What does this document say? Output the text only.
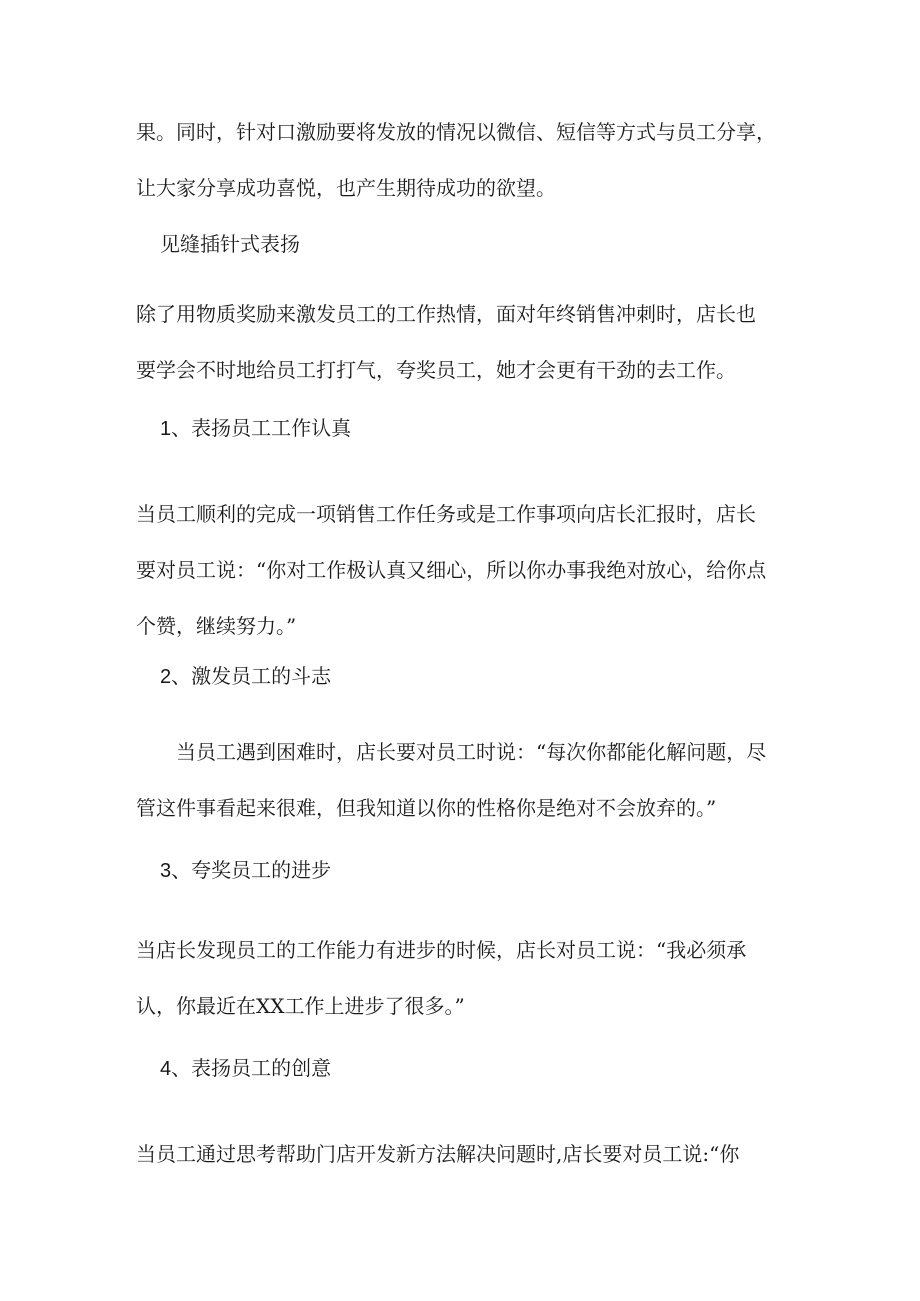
果。同时，针对口激励要将发放的情况以微信、短信等方式与员工分享，
让大家分享成功喜悦，也产生期待成功的欲望。
见缝插针式表扬
除了用物质奖励来激发员工的工作热情，面对年终销售冲刺时，店长也
要学会不时地给员工打打气，夸奖员工，她才会更有干劲的去工作。
1、表扬员工工作认真
当员工顺利的完成一项销售工作任务或是工作事项向店长汇报时，店长
要对员工说：“你对工作极认真又细心，所以你办事我绝对放心，给你点
个赞，继续努力。”
2、激发员工的斗志
当员工遇到困难时，店长要对员工时说：“每次你都能化解问题，尽
管这件事看起来很难，但我知道以你的性格你是绝对不会放弃的。”
3、夸奖员工的进步
当店长发现员工的工作能力有进步的时候，店长对员工说：“我必须承
认，你最近在XX工作上进步了很多。”
4、表扬员工的创意
当员工通过思考帮助门店开发新方法解决问题时,店长要对员工说:“你
